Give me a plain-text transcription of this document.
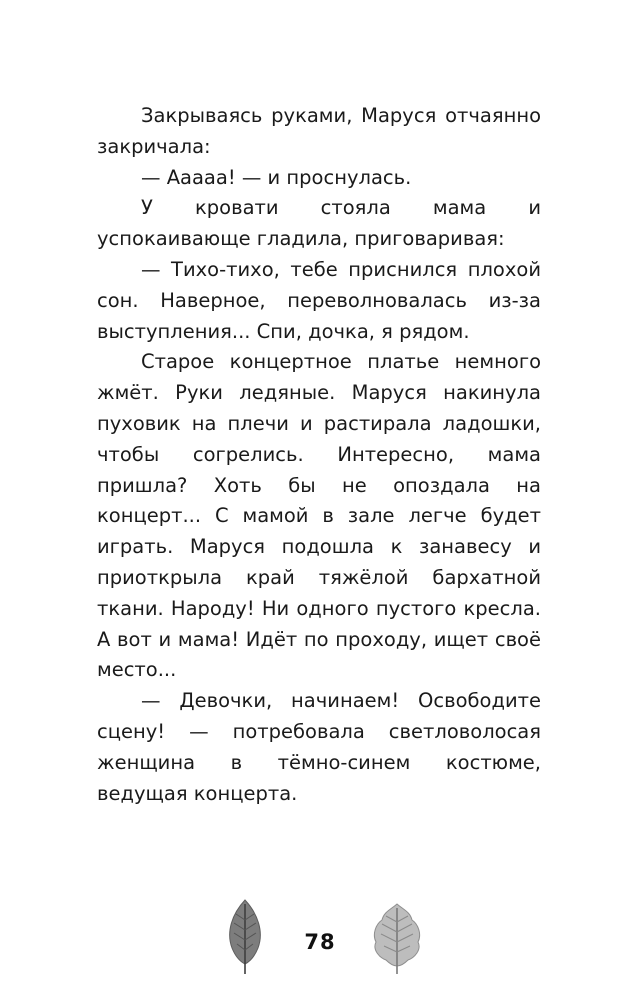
Закрываясь руками, Маруся отчаянно закричала:

— Ааааа! — и проснулась.

У кровати стояла мама и успокаивающе гладила, приговаривая:

— Тихо-тихо, тебе приснился плохой сон. Наверное, переволновалась из-за выступления... Спи, дочка, я рядом.

Старое концертное платье немного жмёт. Руки ледяные. Маруся накинула пуховик на плечи и растирала ладошки, чтобы согрелись. Интересно, мама пришла? Хоть бы не опоздала на концерт... С мамой в зале легче будет играть. Маруся подошла к занавесу и приоткрыла край тяжёлой бархатной ткани. Народу! Ни одного пустого кресла. А вот и мама! Идёт по проходу, ищет своё место...

— Девочки, начинаем! Освободите сцену! — потребовала светловолосая женщина в тёмно-синем костюме, ведущая концерта.

78
